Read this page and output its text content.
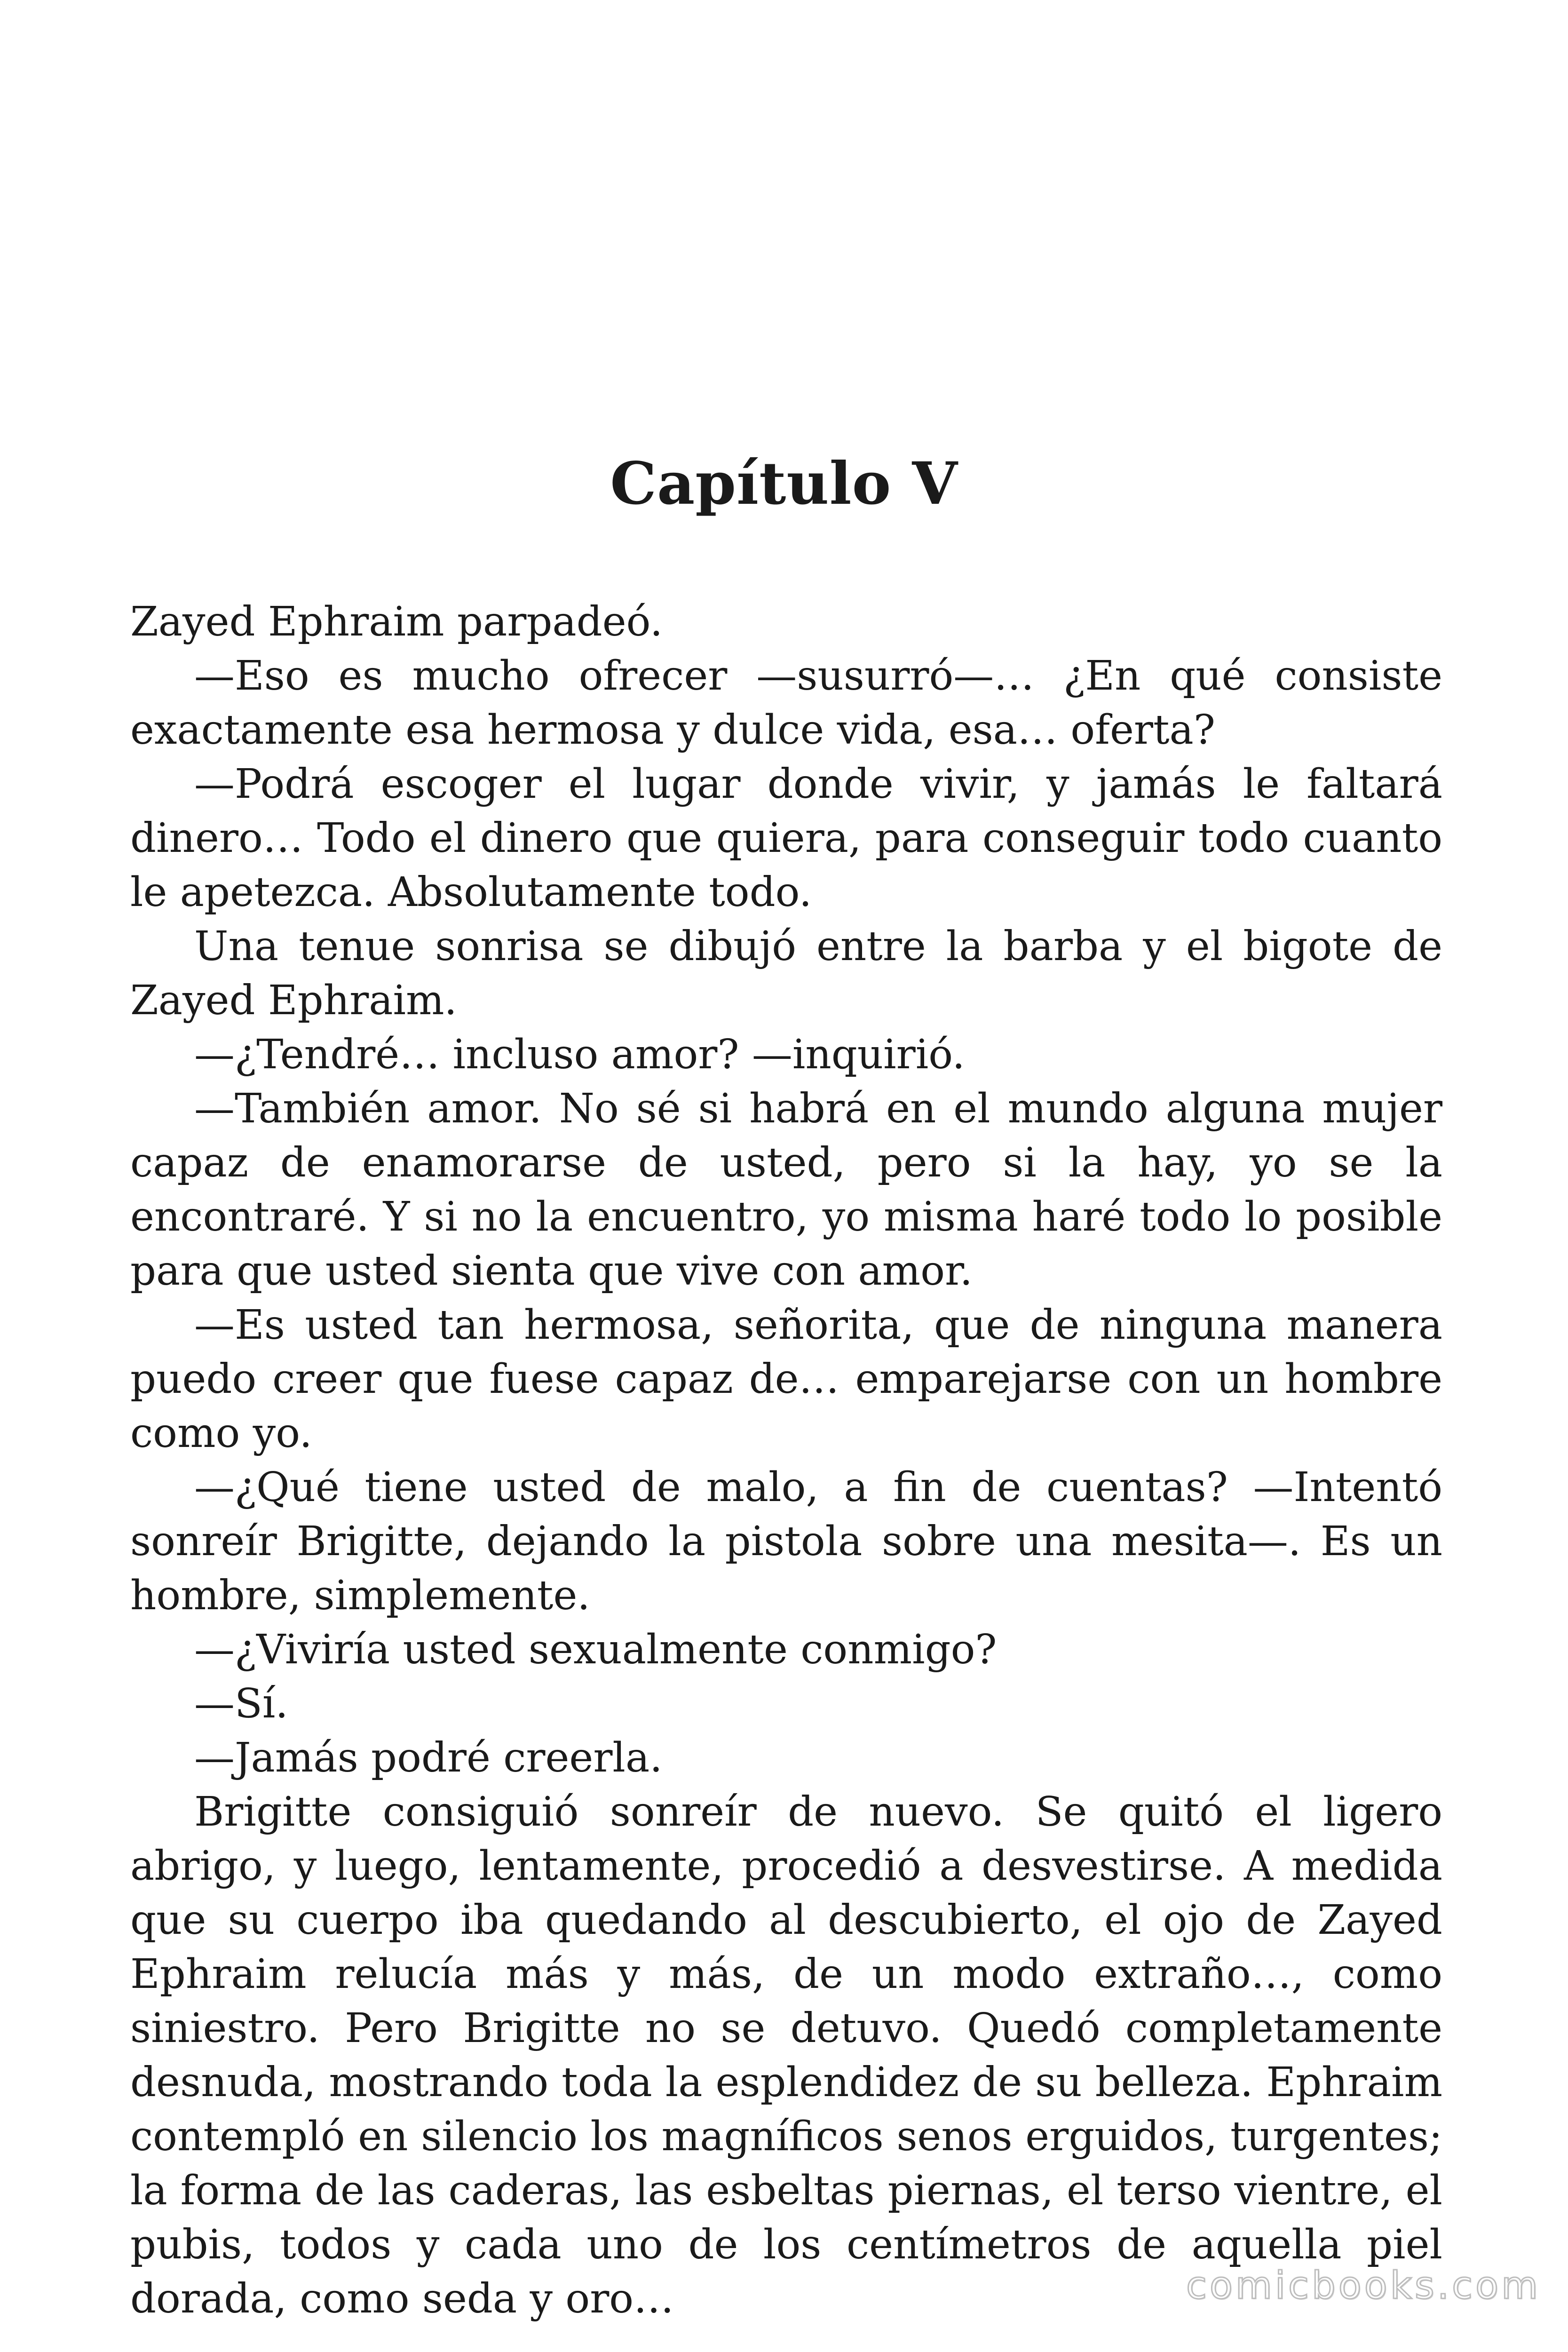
Capítulo V

Zayed Ephraim parpadeó.

—Eso es mucho ofrecer —susurró—… ¿En qué consiste exactamente esa hermosa y dulce vida, esa… oferta?

—Podrá escoger el lugar donde vivir, y jamás le faltará dinero… Todo el dinero que quiera, para conseguir todo cuanto le apetezca. Absolutamente todo.

Una tenue sonrisa se dibujó entre la barba y el bigote de Zayed Ephraim.

—¿Tendré… incluso amor? —inquirió.

—También amor. No sé si habrá en el mundo alguna mujer capaz de enamorarse de usted, pero si la hay, yo se la encontraré. Y si no la encuentro, yo misma haré todo lo posible para que usted sienta que vive con amor.

—Es usted tan hermosa, señorita, que de ninguna manera puedo creer que fuese capaz de… emparejarse con un hombre como yo.

—¿Qué tiene usted de malo, a fin de cuentas? —Intentó sonreír Brigitte, dejando la pistola sobre una mesita—. Es un hombre, simplemente.

—¿Viviría usted sexualmente conmigo?

—Sí.

—Jamás podré creerla.

Brigitte consiguió sonreír de nuevo. Se quitó el ligero abrigo, y luego, lentamente, procedió a desvestirse. A medida que su cuerpo iba quedando al descubierto, el ojo de Zayed Ephraim relucía más y más, de un modo extraño…, como siniestro. Pero Brigitte no se detuvo. Quedó completamente desnuda, mostrando toda la esplendidez de su belleza. Ephraim contempló en silencio los magníficos senos erguidos, turgentes; la forma de las caderas, las esbeltas piernas, el terso vientre, el pubis, todos y cada uno de los centímetros de aquella piel dorada, como seda y oro…	comicbooks.com
